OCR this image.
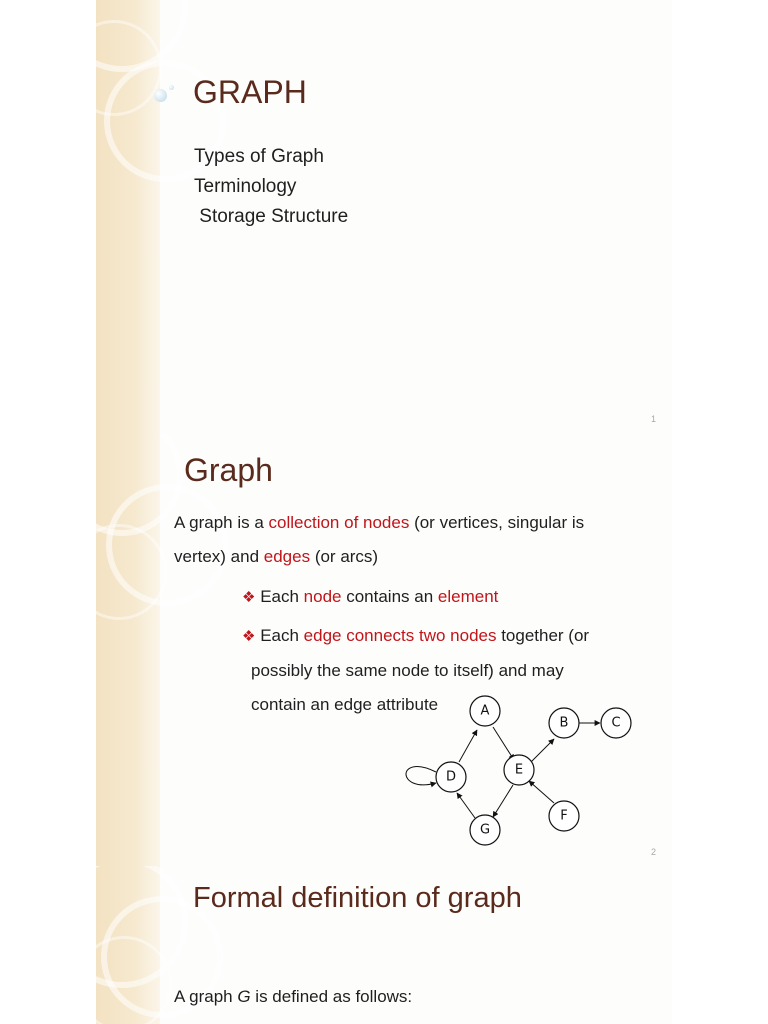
GRAPH
Types of Graph
Terminology
Storage Structure
1
Graph
A graph is a collection of nodes (or vertices, singular is
vertex) and edges (or arcs)
❖ Each node contains an element
❖ Each edge connects two nodes together (or
possibly the same node to itself) and may
contain an edge attribute	A
B	C
D	E
F
G
2
Formal definition of graph
A graph G is defined as follows:
